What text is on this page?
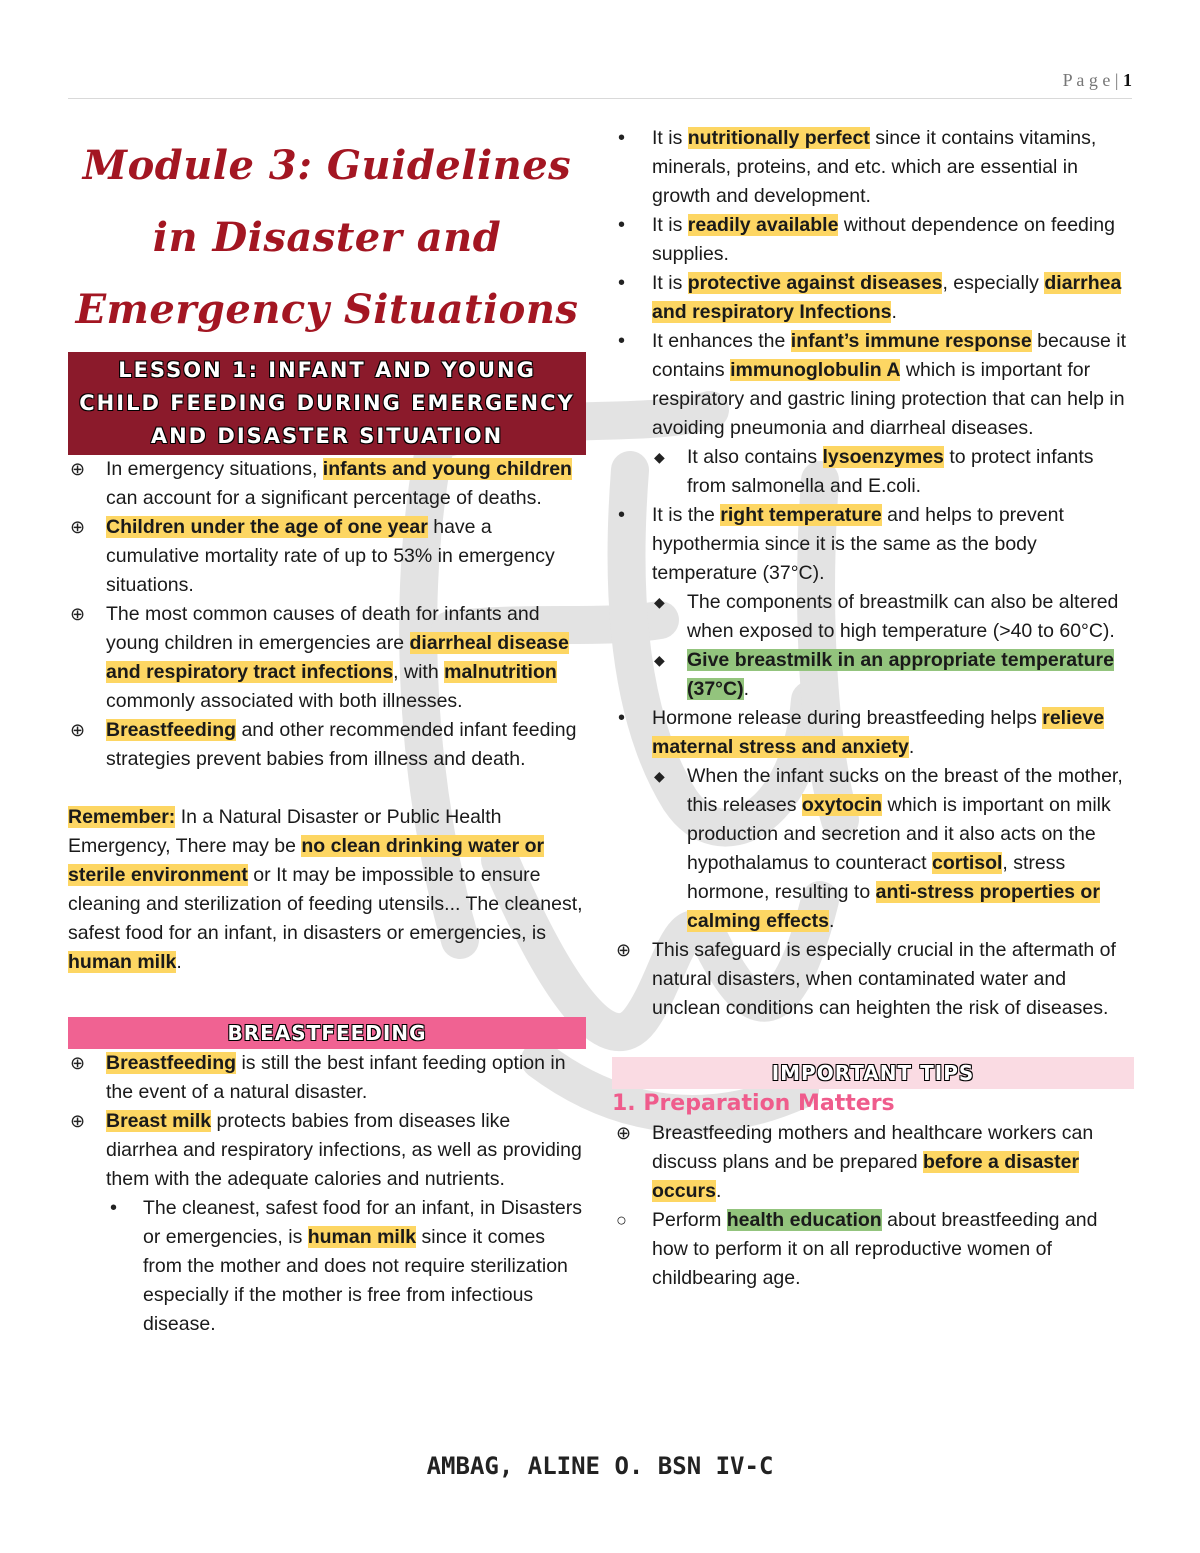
P a g e | 1
Module 3: Guidelines in Disaster and Emergency Situations
LESSON 1: INFANT AND YOUNG CHILD FEEDING DURING EMERGENCY AND DISASTER SITUATION
⊕ In emergency situations, infants and young children can account for a significant percentage of deaths.
⊕ Children under the age of one year have a cumulative mortality rate of up to 53% in emergency situations.
⊕ The most common causes of death for infants and young children in emergencies are diarrheal disease and respiratory tract infections, with malnutrition commonly associated with both illnesses.
⊕ Breastfeeding and other recommended infant feeding strategies prevent babies from illness and death.
Remember: In a Natural Disaster or Public Health Emergency, There may be no clean drinking water or sterile environment or It may be impossible to ensure cleaning and sterilization of feeding utensils... The cleanest, safest food for an infant, in disasters or emergencies, is human milk.
BREASTFEEDING
⊕ Breastfeeding is still the best infant feeding option in the event of a natural disaster.
⊕ Breast milk protects babies from diseases like diarrhea and respiratory infections, as well as providing them with the adequate calories and nutrients.
• The cleanest, safest food for an infant, in Disasters or emergencies, is human milk since it comes from the mother and does not require sterilization especially if the mother is free from infectious disease.
• It is nutritionally perfect since it contains vitamins, minerals, proteins, and etc. which are essential in growth and development.
• It is readily available without dependence on feeding supplies.
• It is protective against diseases, especially diarrhea and respiratory Infections.
• It enhances the infant’s immune response because it contains immunoglobulin A which is important for respiratory and gastric lining protection that can help in avoiding pneumonia and diarrheal diseases.
◆ It also contains lysoenzymes to protect infants from salmonella and E.coli.
• It is the right temperature and helps to prevent hypothermia since it is the same as the body temperature (37°C).
◆ The components of breastmilk can also be altered when exposed to high temperature (>40 to 60°C).
◆ Give breastmilk in an appropriate temperature (37°C).
• Hormone release during breastfeeding helps relieve maternal stress and anxiety.
◆ When the infant sucks on the breast of the mother, this releases oxytocin which is important on milk production and secretion and it also acts on the hypothalamus to counteract cortisol, stress hormone, resulting to anti-stress properties or calming effects.
⊕ This safeguard is especially crucial in the aftermath of natural disasters, when contaminated water and unclean conditions can heighten the risk of diseases.
IMPORTANT TIPS
1. Preparation Matters
⊕ Breastfeeding mothers and healthcare workers can discuss plans and be prepared before a disaster occurs.
○ Perform health education about breastfeeding and how to perform it on all reproductive women of childbearing age.
AMBAG, ALINE O. BSN IV-C
